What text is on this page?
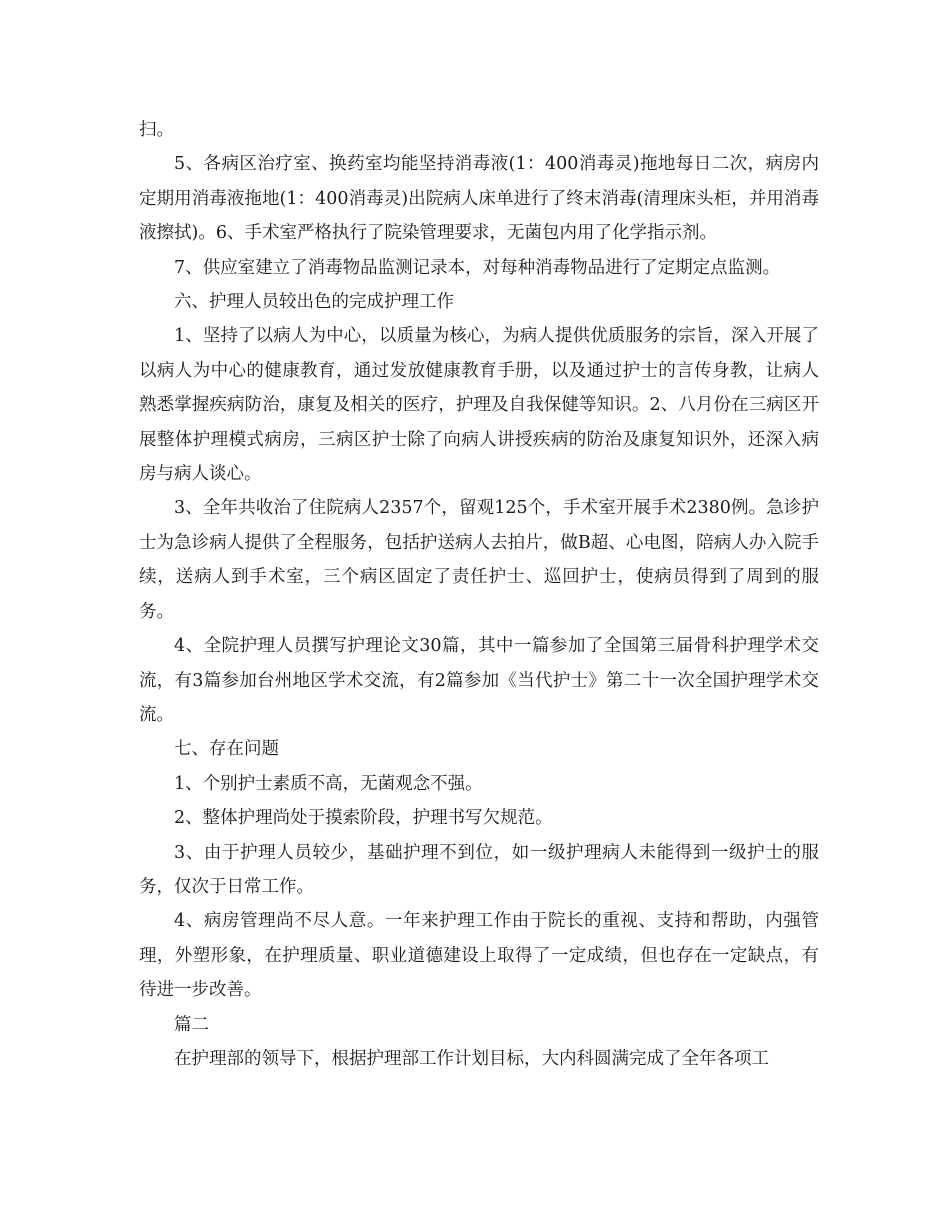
扫。

5、各病区治疗室、换药室均能坚持消毒液(1：400消毒灵)拖地每日二次，病房内定期用消毒液拖地(1：400消毒灵)出院病人床单进行了终末消毒(清理床头柜，并用消毒液擦拭)。6、手术室严格执行了院染管理要求，无菌包内用了化学指示剂。

7、供应室建立了消毒物品监测记录本，对每种消毒物品进行了定期定点监测。

六、护理人员较出色的完成护理工作

1、坚持了以病人为中心，以质量为核心，为病人提供优质服务的宗旨，深入开展了以病人为中心的健康教育，通过发放健康教育手册，以及通过护士的言传身教，让病人熟悉掌握疾病防治，康复及相关的医疗，护理及自我保健等知识。2、八月份在三病区开展整体护理模式病房，三病区护士除了向病人讲授疾病的防治及康复知识外，还深入病房与病人谈心。

3、全年共收治了住院病人2357个，留观125个，手术室开展手术2380例。急诊护士为急诊病人提供了全程服务，包括护送病人去拍片，做B超、心电图，陪病人办入院手续，送病人到手术室，三个病区固定了责任护士、巡回护士，使病员得到了周到的服务。

4、全院护理人员撰写护理论文30篇，其中一篇参加了全国第三届骨科护理学术交流，有3篇参加台州地区学术交流，有2篇参加《当代护士》第二十一次全国护理学术交流。

七、存在问题

1、个别护士素质不高，无菌观念不强。

2、整体护理尚处于摸索阶段，护理书写欠规范。

3、由于护理人员较少，基础护理不到位，如一级护理病人未能得到一级护士的服务，仅次于日常工作。

4、病房管理尚不尽人意。一年来护理工作由于院长的重视、支持和帮助，内强管理，外塑形象，在护理质量、职业道德建设上取得了一定成绩，但也存在一定缺点，有待进一步改善。

篇二

在护理部的领导下，根据护理部工作计划目标，大内科圆满完成了全年各项工
